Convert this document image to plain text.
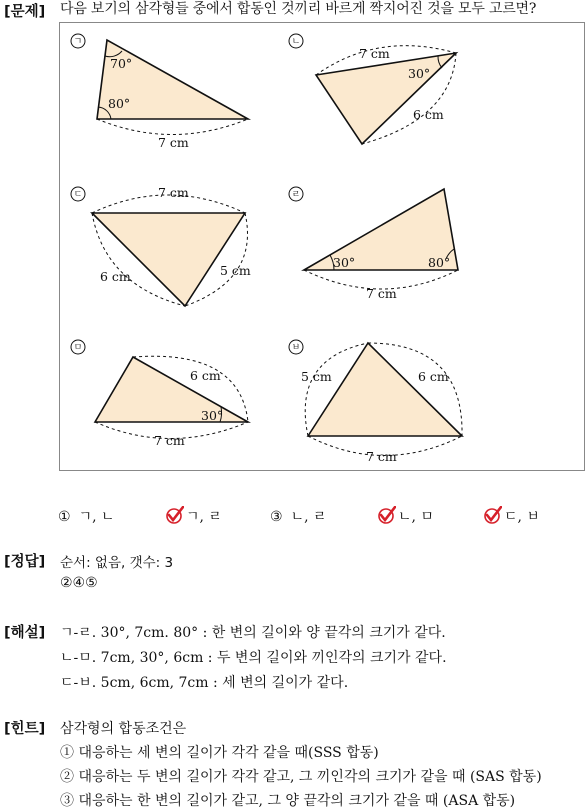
[문제] 다음 보기의 삼각형들 중에서 합동인 것끼리 바르게 짝지어진 것을 모두 고르면?
ㄱ
70°
80°
7 cm
ㄴ
7 cm
30°
6 cm
ㄷ	7 cm
6 cm	5 cm
ㄹ
30°	80°
7 cm
ㅁ
6 cm
30°
7 cm
ㅂ
5 cm	6 cm
7 cm
① ㄱ, ㄴ	ㄱ, ㄹ	③ ㄴ, ㄹ	ㄴ, ㅁ	ㄷ, ㅂ
[정답] 순서: 없음, 갯수: 3
②④⑤
[해설] ㄱ-ㄹ. 30°, 7cm. 80° : 한 변의 길이와 양 끝각의 크기가 같다.
ㄴ-ㅁ. 7cm, 30°, 6cm : 두 변의 길이와 끼인각의 크기가 같다.
ㄷ-ㅂ. 5cm, 6cm, 7cm : 세 변의 길이가 같다.
[힌트] 삼각형의 합동조건은
① 대응하는 세 변의 길이가 각각 같을 때(SSS 합동)
② 대응하는 두 변의 길이가 각각 같고, 그 끼인각의 크기가 같을 때 (SAS 합동)
③ 대응하는 한 변의 길이가 같고, 그 양 끝각의 크기가 같을 때 (ASA 합동)
